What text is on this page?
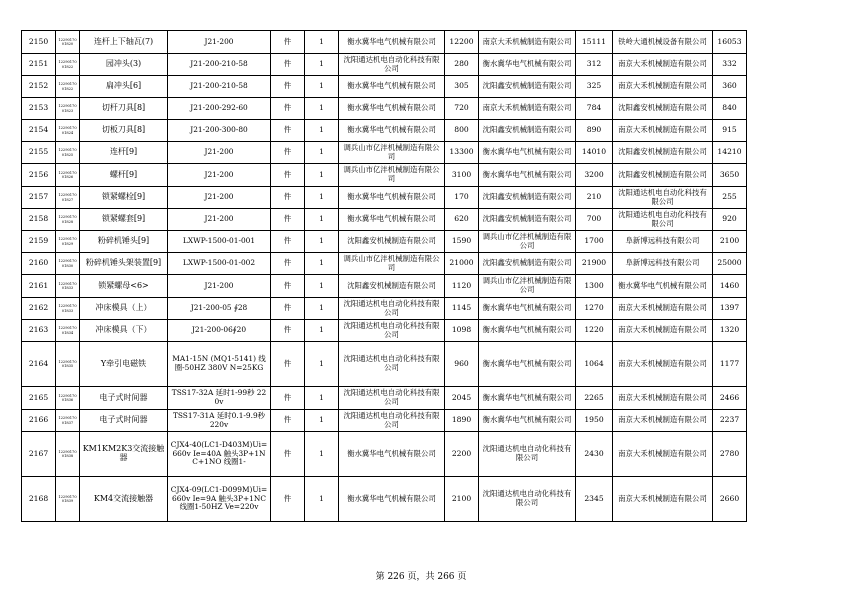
2150	12290170 01820	连杆上下轴瓦(7)	J21-200	件	1	衡水冀华电气机械有限公司	12200	南京大禾机械制造有限公司	15111	铁岭大通机械设备有限公司	16053
2151	12290170 01822	园冲头(3)	J21-200-210-58	件	1	沈阳通达机电自动化科技有限公司	280	衡水冀华电气机械有限公司	312	南京大禾机械制造有限公司	332
2152	12290170 01822	扁冲头[6]	J21-200-210-58	件	1	衡水冀华电气机械有限公司	305	沈阳鑫安机械制造有限公司	325	南京大禾机械制造有限公司	360
2153	12290170 01823	切杆刀具[8]	J21-200-292-60	件	1	衡水冀华电气机械有限公司	720	南京大禾机械制造有限公司	784	沈阳鑫安机械制造有限公司	840
2154	12290170 01824	切板刀具[8]	J21-200-300-80	件	1	衡水冀华电气机械有限公司	800	沈阳鑫安机械制造有限公司	890	南京大禾机械制造有限公司	915
2155	12290170 01825	连杆[9]	J21-200	件	1	调兵山市亿沣机械制造有限公司	13300	衡水冀华电气机械有限公司	14010	沈阳鑫安机械制造有限公司	14210
2156	12290170 01826	螺杆[9]	J21-200	件	1	调兵山市亿沣机械制造有限公司	3100	衡水冀华电气机械有限公司	3200	沈阳鑫安机械制造有限公司	3650
2157	12290170 01827	锁紧螺栓[9]	J21-200	件	1	衡水冀华电气机械有限公司	170	沈阳鑫安机械制造有限公司	210	沈阳通达机电自动化科技有限公司	255
2158	12290170 01828	锁紧螺套[9]	J21-200	件	1	衡水冀华电气机械有限公司	620	沈阳鑫安机械制造有限公司	700	沈阳通达机电自动化科技有限公司	920
2159	12290170 01829	粉碎机锤头[9]	LXWP-1500-01-001	件	1	沈阳鑫安机械制造有限公司	1590	调兵山市亿沣机械制造有限公司	1700	阜新博远科技有限公司	2100
2160	12290170 01830	粉碎机锤头架装置[9]	LXWP-1500-01-002	件	1	调兵山市亿沣机械制造有限公司	21000	沈阳鑫安机械制造有限公司	21900	阜新博远科技有限公司	25000
2161	12290170 01833	锁紧螺母<6>	J21-200	件	1	沈阳鑫安机械制造有限公司	1120	调兵山市亿沣机械制造有限公司	1300	衡水冀华电气机械有限公司	1460
2162	12290170 01833	冲床模具（上）	J21-200-05 ∮28	件	1	沈阳通达机电自动化科技有限公司	1145	衡水冀华电气机械有限公司	1270	南京大禾机械制造有限公司	1397
2163	12290170 01834	冲床模具（下）	J21-200-06∮20	件	1	沈阳通达机电自动化科技有限公司	1098	衡水冀华电气机械有限公司	1220	南京大禾机械制造有限公司	1320
2164	12290170 01835	Y牵引电磁铁	MA1-15N (MQ1-5141) 线圈-50HZ 380V N=25KG	件	1	沈阳通达机电自动化科技有限公司	960	衡水冀华电气机械有限公司	1064	南京大禾机械制造有限公司	1177
2165	12290170 01836	电子式时间器	TSS17-32A 延时1-99秒 220v	件	1	沈阳通达机电自动化科技有限公司	2045	衡水冀华电气机械有限公司	2265	南京大禾机械制造有限公司	2466
2166	12290170 01837	电子式时间器	TSS17-31A 延时0.1-9.9秒 220v	件	1	沈阳通达机电自动化科技有限公司	1890	衡水冀华电气机械有限公司	1950	南京大禾机械制造有限公司	2237
2167	12290170 01838	KM1KM2K3交流接触器	CJX4-40(LC1-D403M)Ui=660v Ie=40A 触头3P+1NC+1NO 线圈1-	件	1	衡水冀华电气机械有限公司	2200	沈阳通达机电自动化科技有限公司	2430	南京大禾机械制造有限公司	2780
2168	12290170 01839	KM4交流接触器	CJX4-09(LC1-D099M)Ui=660v Ie=9A 触头3P+1NC 线圈1-50HZ Ve=220v	件	1	衡水冀华电气机械有限公司	2100	沈阳通达机电自动化科技有限公司	2345	南京大禾机械制造有限公司	2660
第 226 页，共 266 页
